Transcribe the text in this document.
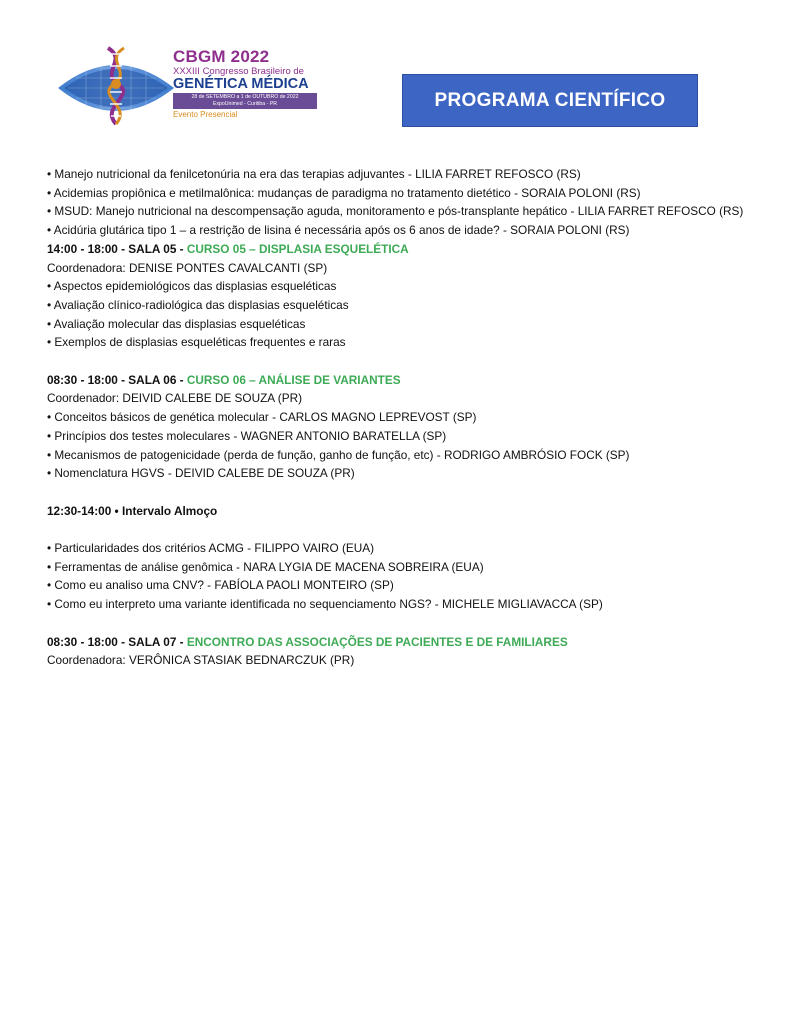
CBGM 2022
XXXIII Congresso Brasileiro de
GENÉTICA MÉDICA
28 de SETEMBRO a 1 de OUTUBRO de 2022
ExpoUnimed - Curitiba - PR
Evento Presencial
PROGRAMA CIENTÍFICO

• Manejo nutricional da fenilcetonúria na era das terapias adjuvantes - LILIA FARRET REFOSCO (RS)

• Acidemias propiônica e metilmalônica: mudanças de paradigma no tratamento dietético - SORAIA POLONI (RS)

• MSUD: Manejo nutricional na descompensação aguda, monitoramento e pós-transplante hepático - LILIA FARRET REFOSCO (RS)

• Acidúria glutárica tipo 1 – a restrição de lisina é necessária após os 6 anos de idade? - SORAIA POLONI (RS)

14:00 - 18:00 - SALA 05 - CURSO 05 – DISPLASIA ESQUELÉTICA

Coordenadora: DENISE PONTES CAVALCANTI (SP)

• Aspectos epidemiológicos das displasias esqueléticas

• Avaliação clínico-radiológica das displasias esqueléticas

• Avaliação molecular das displasias esqueléticas

• Exemplos de displasias esqueléticas frequentes e raras

08:30 - 18:00 - SALA 06 - CURSO 06 – ANÁLISE DE VARIANTES

Coordenador: DEIVID CALEBE DE SOUZA (PR)

• Conceitos básicos de genética molecular - CARLOS MAGNO LEPREVOST (SP)

• Princípios dos testes moleculares - WAGNER ANTONIO BARATELLA (SP)

• Mecanismos de patogenicidade (perda de função, ganho de função, etc) - RODRIGO AMBRÓSIO FOCK (SP)

• Nomenclatura HGVS - DEIVID CALEBE DE SOUZA (PR)

12:30-14:00 • Intervalo Almoço

• Particularidades dos critérios ACMG - FILIPPO VAIRO (EUA)

• Ferramentas de análise genômica - NARA LYGIA DE MACENA SOBREIRA (EUA)

• Como eu analiso uma CNV? - FABÍOLA PAOLI MONTEIRO (SP)

• Como eu interpreto uma variante identificada no sequenciamento NGS? - MICHELE MIGLIAVACCA (SP)

08:30 - 18:00 - SALA 07 - ENCONTRO DAS ASSOCIAÇÕES DE PACIENTES E DE FAMILIARES

Coordenadora: VERÔNICA STASIAK BEDNARCZUK (PR)
